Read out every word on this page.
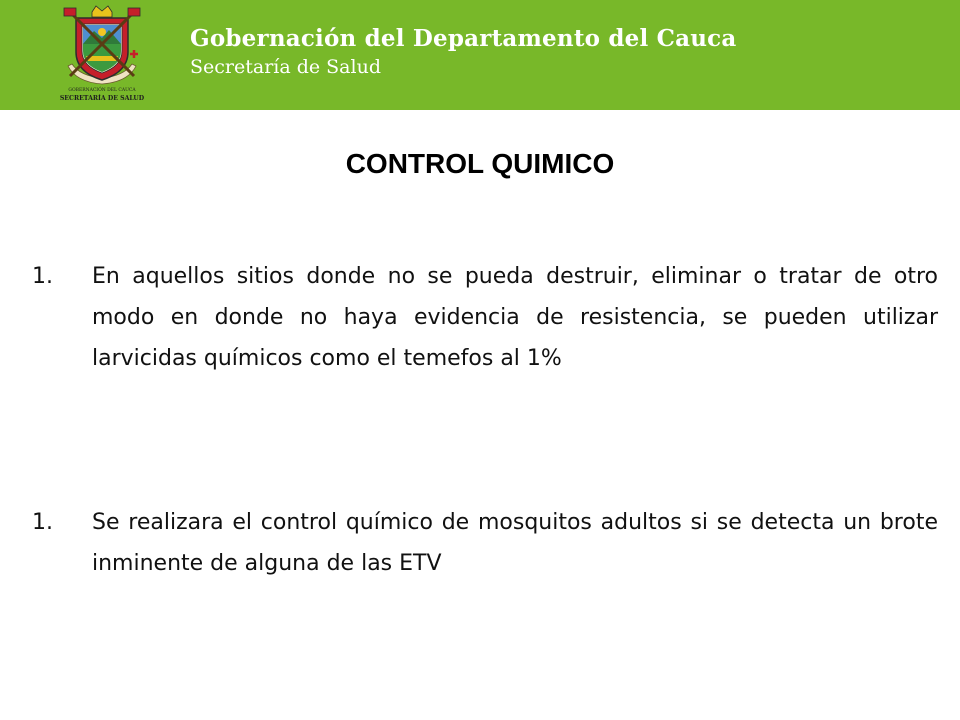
GOBERNACIÓN DEL CAUCA
SECRETARÍA DE SALUD
Gobernación del Departamento del Cauca
Secretaría de Salud
CONTROL QUIMICO
1. En aquellos sitios donde no se pueda destruir, eliminar o tratar de otro modo en donde no haya evidencia de resistencia, se pueden utilizar larvicidas químicos como el temefos al 1%
1. Se realizara el control químico de mosquitos adultos si se detecta un brote inminente de alguna de las ETV
